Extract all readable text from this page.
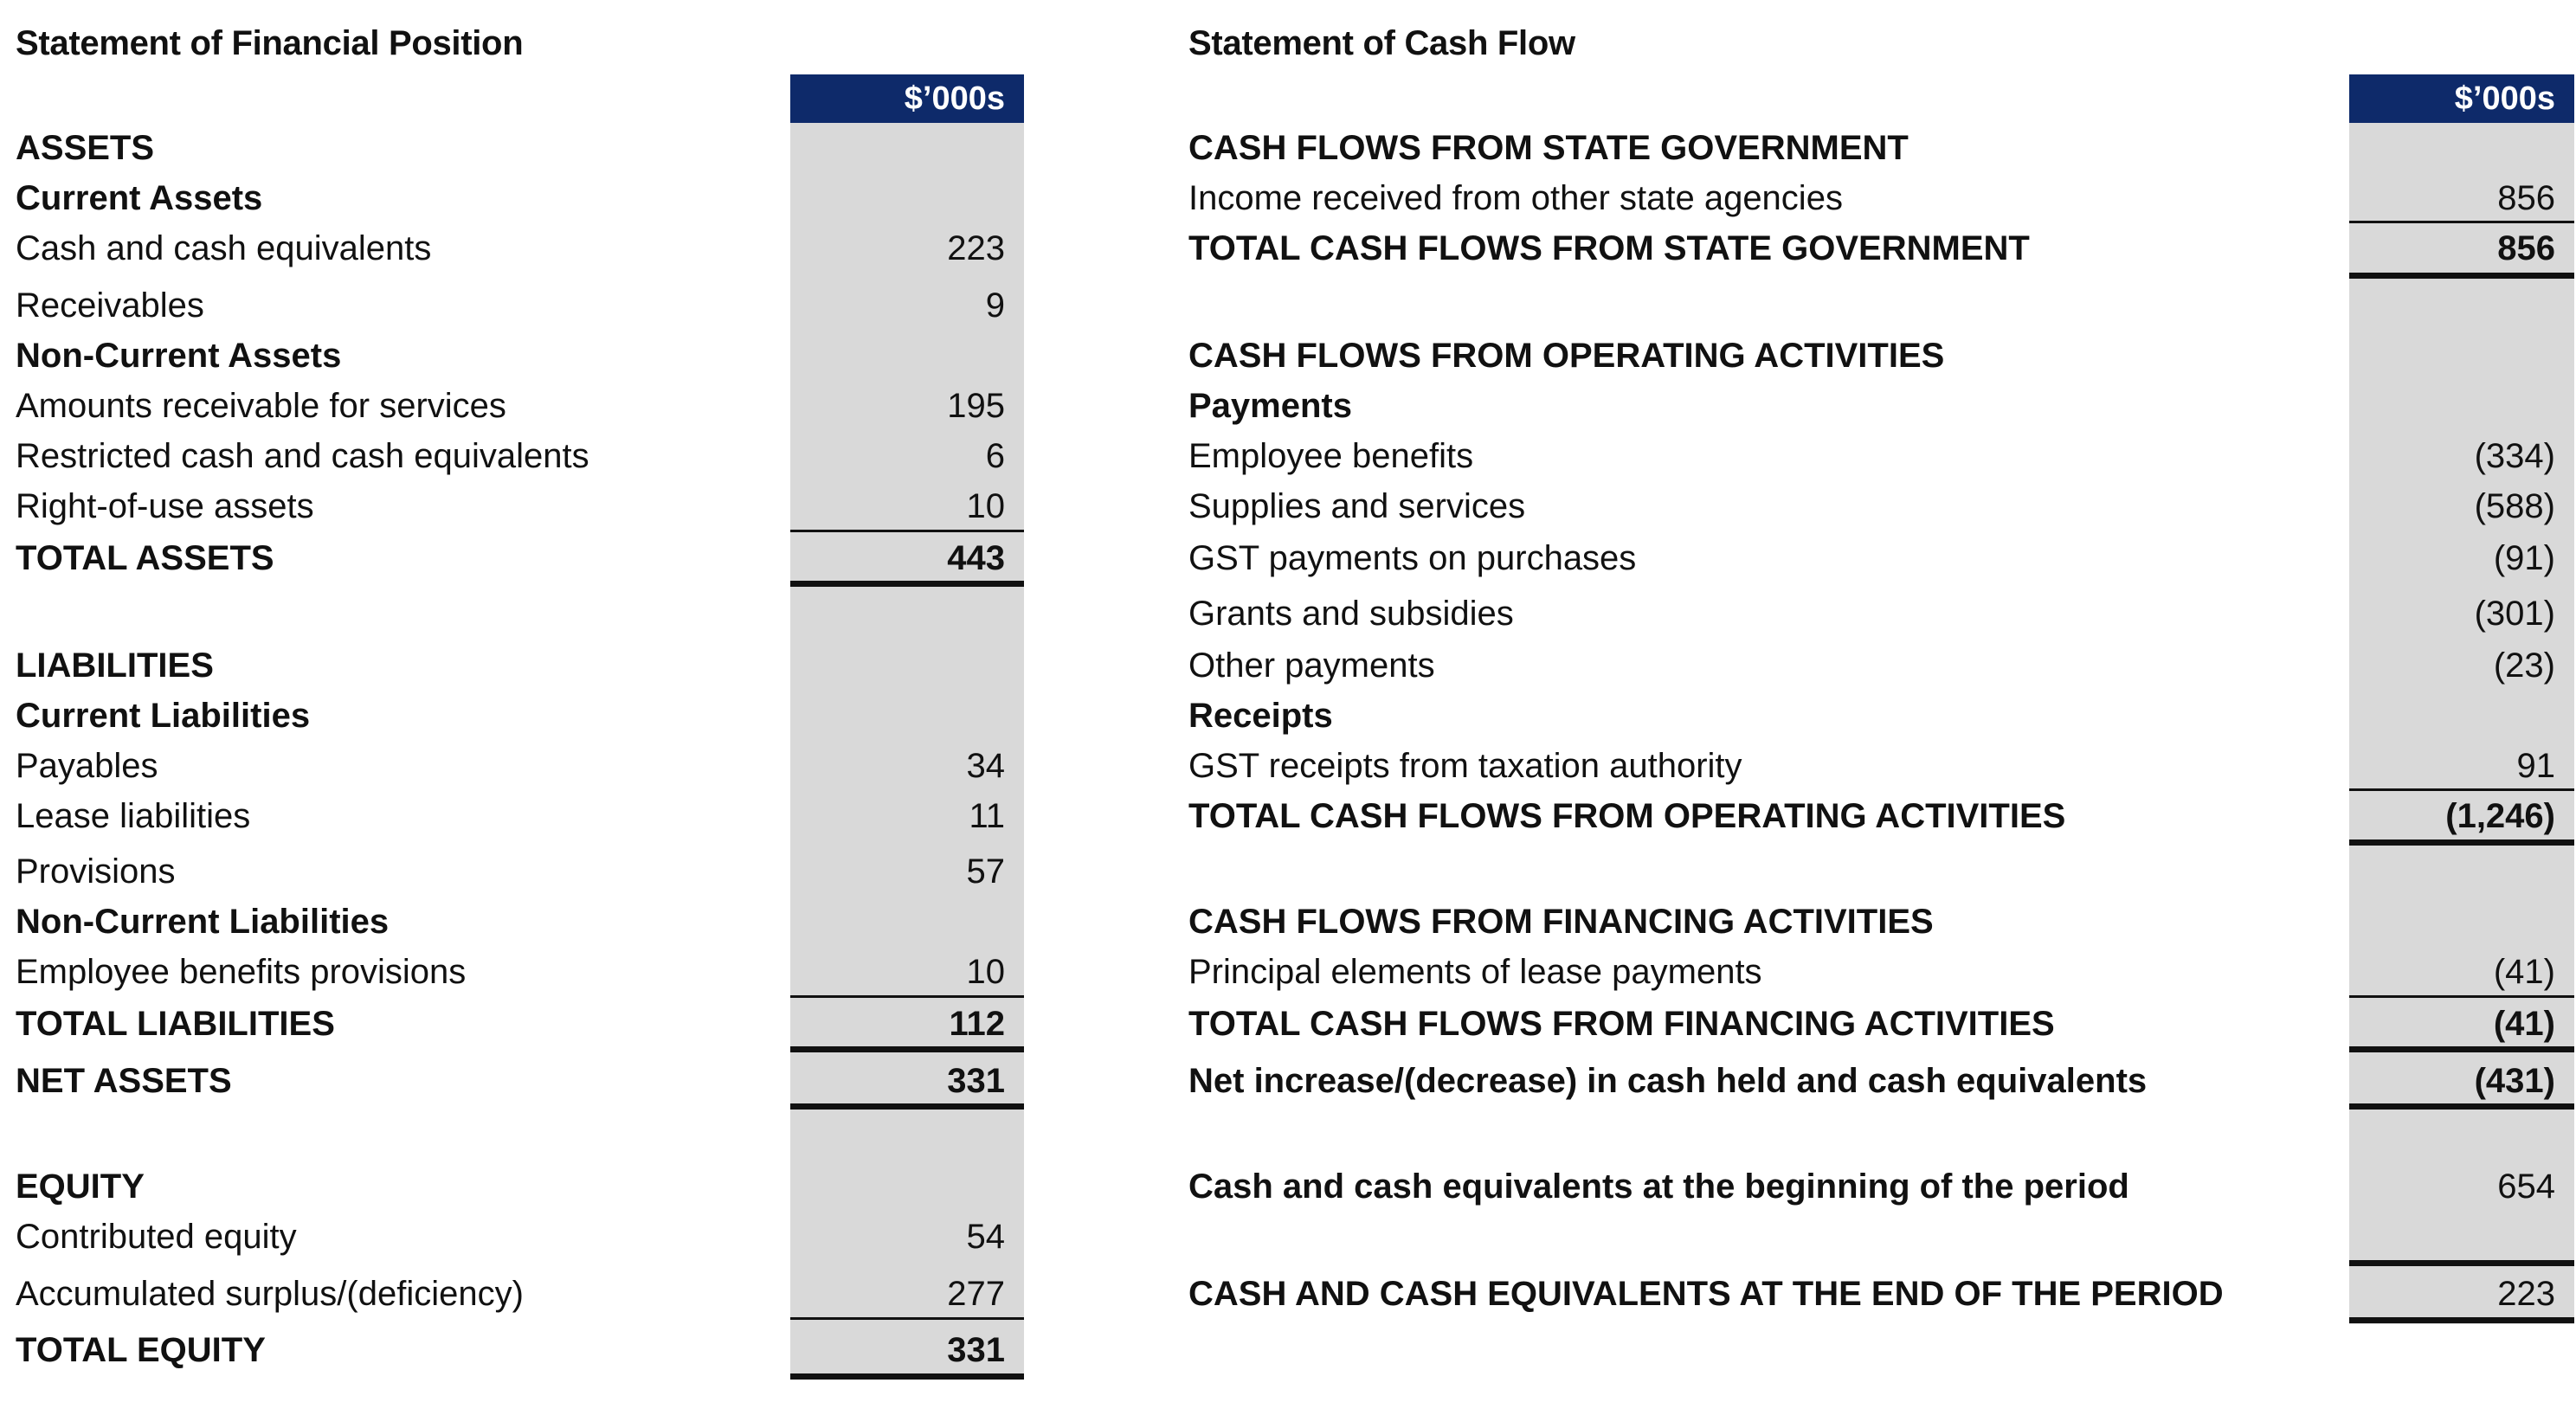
Statement of Financial Position
$’000s
ASSETS
Current Assets
Cash and cash equivalents	223
Receivables	9
Non-Current Assets
Amounts receivable for services	195
Restricted cash and cash equivalents	6
Right-of-use assets	10
TOTAL ASSETS	443
LIABILITIES
Current Liabilities
Payables	34
Lease liabilities	11
Provisions	57
Non-Current Liabilities
Employee benefits provisions	10
TOTAL LIABILITIES	112
NET ASSETS	331
EQUITY
Contributed equity	54
Accumulated surplus/(deficiency)	277
TOTAL EQUITY	331
Statement of Cash Flow
$’000s
CASH FLOWS FROM STATE GOVERNMENT
Income received from other state agencies	856
TOTAL CASH FLOWS FROM STATE GOVERNMENT	856
CASH FLOWS FROM OPERATING ACTIVITIES
Payments
Employee benefits	(334)
Supplies and services	(588)
GST payments on purchases	(91)
Grants and subsidies	(301)
Other payments	(23)
Receipts
GST receipts from taxation authority	91
TOTAL CASH FLOWS FROM OPERATING ACTIVITIES	(1,246)
CASH FLOWS FROM FINANCING ACTIVITIES
Principal elements of lease payments	(41)
TOTAL CASH FLOWS FROM FINANCING ACTIVITIES	(41)
Net increase/(decrease) in cash held and cash equivalents	(431)
Cash and cash equivalents at the beginning of the period	654
CASH AND CASH EQUIVALENTS AT THE END OF THE PERIOD	223
